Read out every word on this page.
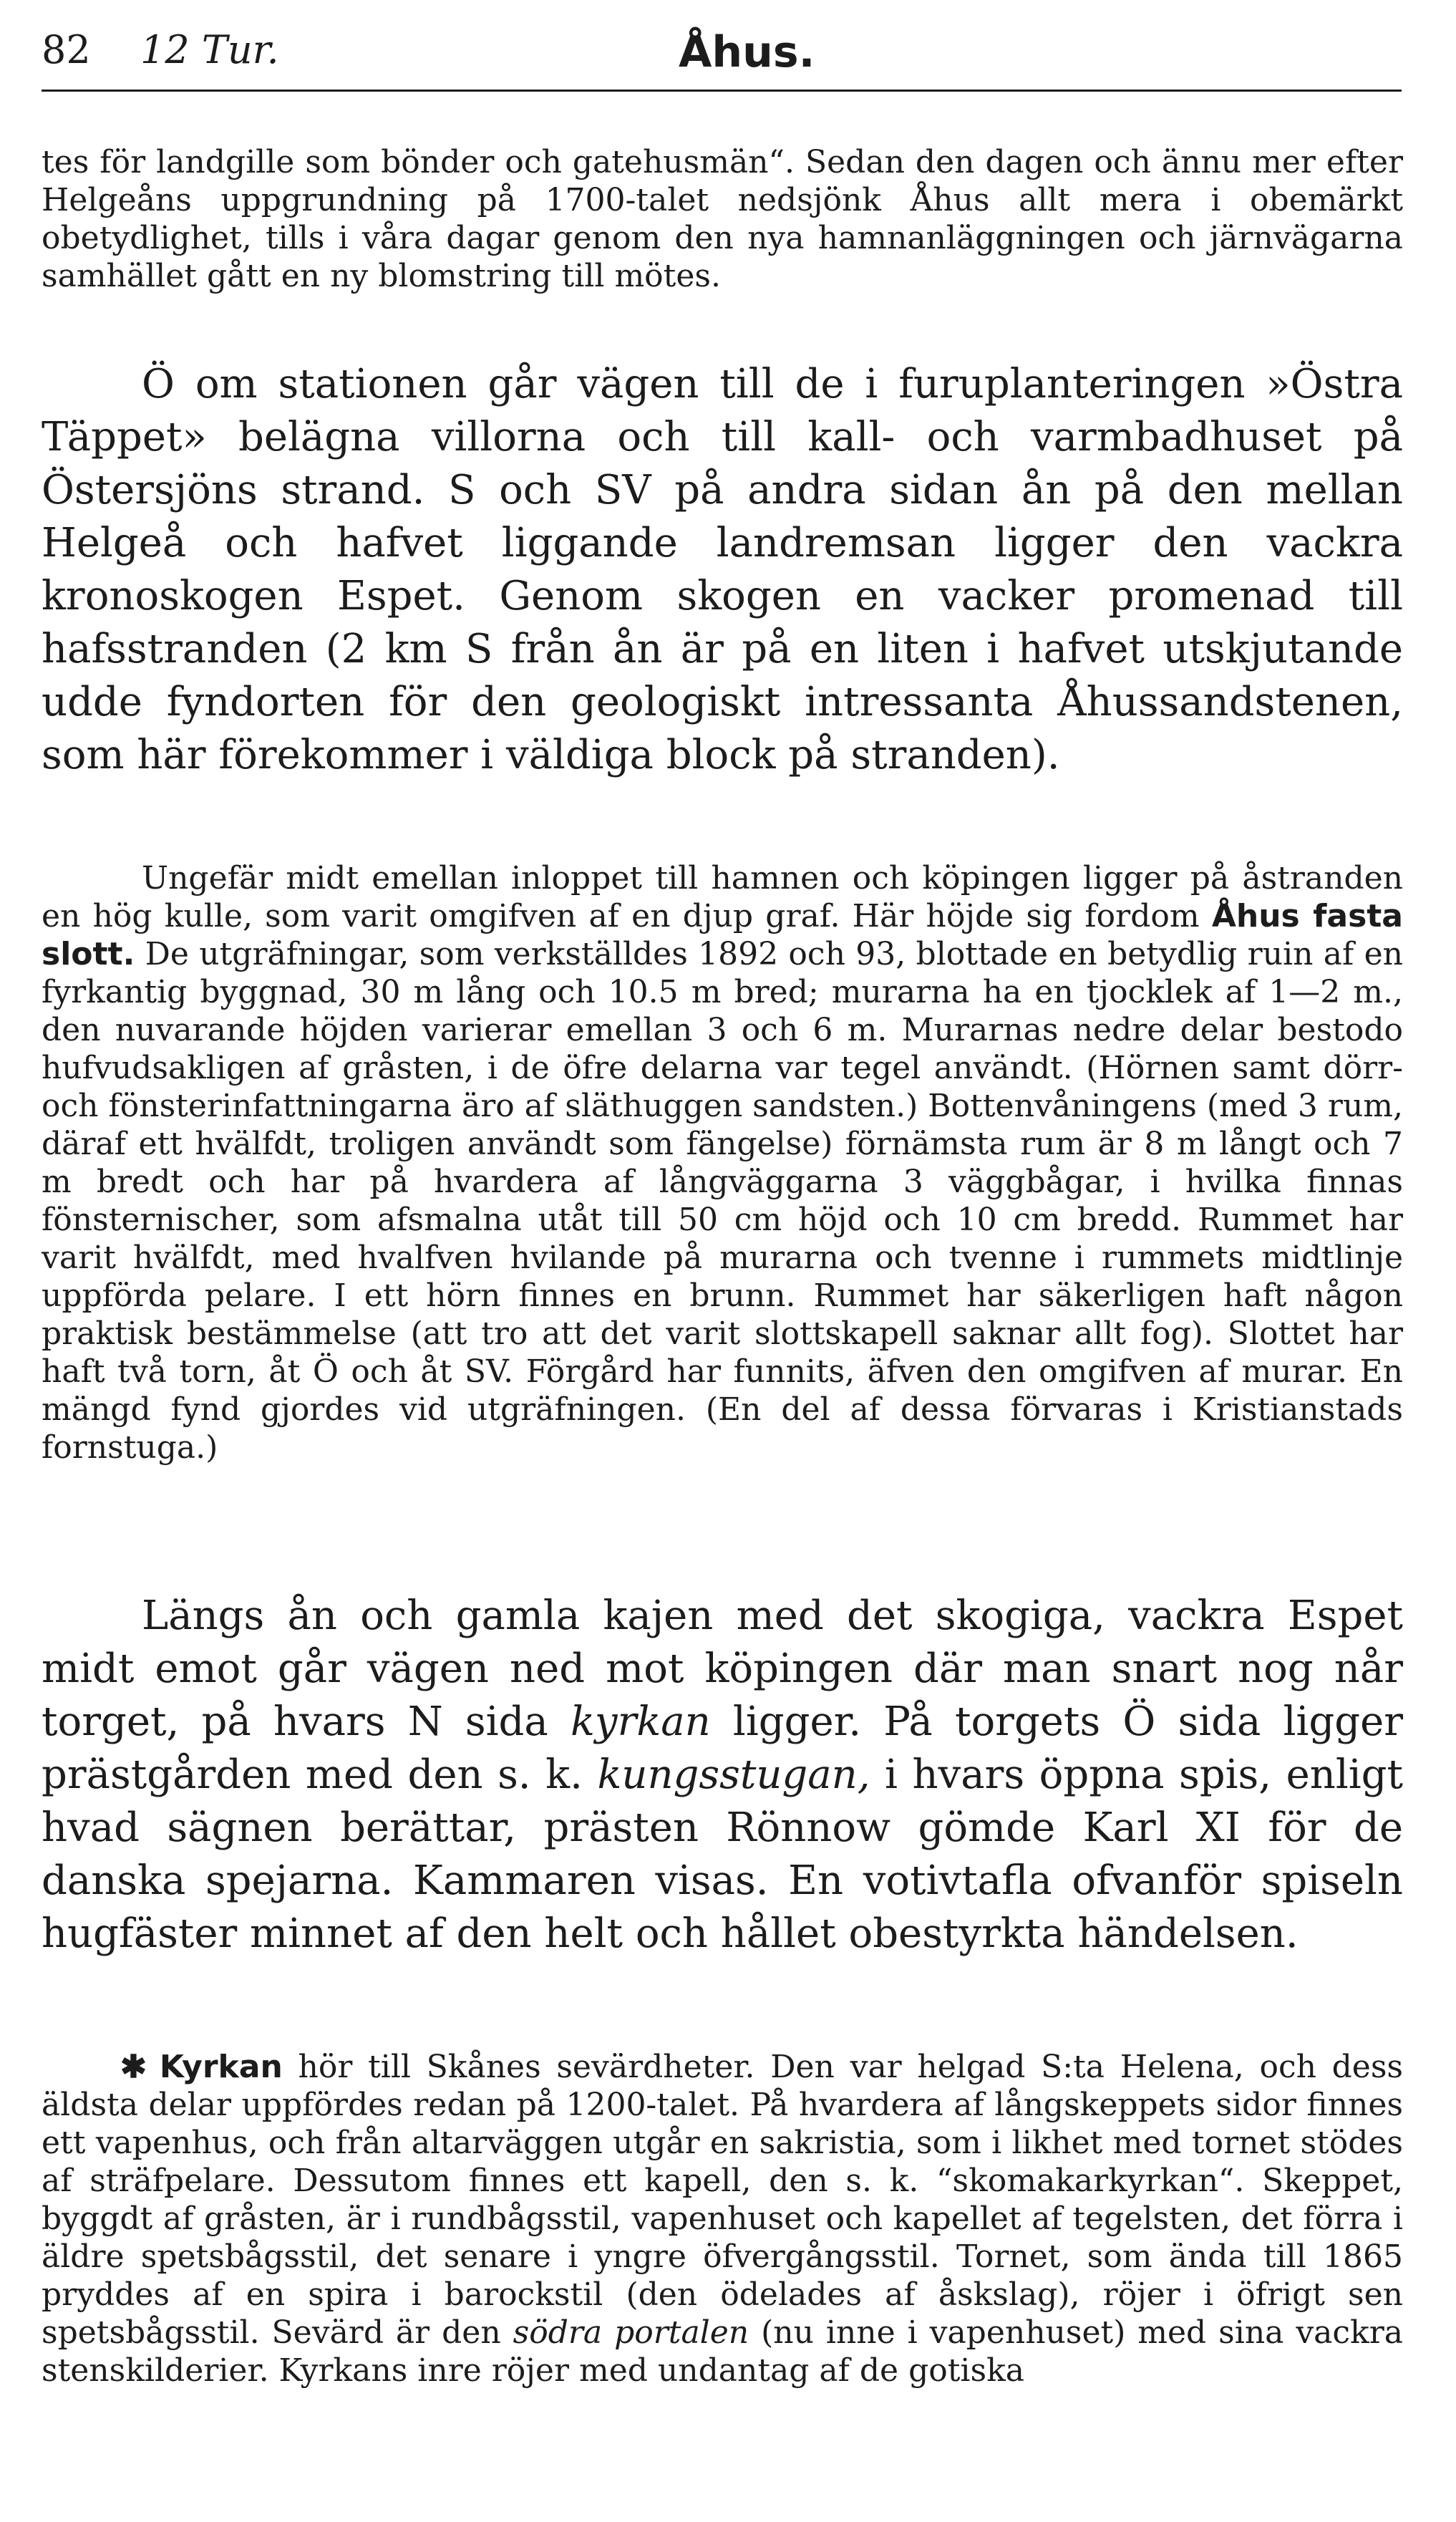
82 12 Tur.	Åhus.

tes för landgille som bönder och gatehusmän“. Sedan den dagen och ännu mer efter Helgeåns uppgrundning på 1700-talet nedsjönk Åhus allt mera i obemärkt obetydlighet, tills i våra dagar genom den nya hamnanläggningen och järnvägarna samhället gått en ny blomstring till mötes.

Ö om stationen går vägen till de i furuplanteringen »Östra Täppet» belägna villorna och till kall- och varmbadhuset på Östersjöns strand. S och SV på andra sidan ån på den mellan Helgeå och hafvet liggande landremsan ligger den vackra kronoskogen Espet. Genom skogen en vacker promenad till hafsstranden (2 km S från ån är på en liten i hafvet utskjutande udde fyndorten för den geologiskt intressanta Åhussandstenen, som här förekommer i väldiga block på stranden).

Ungefär midt emellan inloppet till hamnen och köpingen ligger på åstranden en hög kulle, som varit omgifven af en djup graf. Här höjde sig fordom Åhus fasta slott. De utgräfningar, som verkställdes 1892 och 93, blottade en betydlig ruin af en fyrkantig byggnad, 30 m lång och 10.5 m bred; murarna ha en tjocklek af 1—2 m., den nuvarande höjden varierar emellan 3 och 6 m. Murarnas nedre delar bestodo hufvudsakligen af gråsten, i de öfre delarna var tegel användt. (Hörnen samt dörr- och fönsterinfattningarna äro af släthuggen sandsten.) Bottenvåningens (med 3 rum, däraf ett hvälfdt, troligen användt som fängelse) förnämsta rum är 8 m långt och 7 m bredt och har på hvardera af långväggarna 3 väggbågar, i hvilka finnas fönsternischer, som afsmalna utåt till 50 cm höjd och 10 cm bredd. Rummet har varit hvälfdt, med hvalfven hvilande på murarna och tvenne i rummets midtlinje uppförda pelare. I ett hörn finnes en brunn. Rummet har säkerligen haft någon praktisk bestämmelse (att tro att det varit slottskapell saknar allt fog). Slottet har haft två torn, åt Ö och åt SV. Förgård har funnits, äfven den omgifven af murar. En mängd fynd gjordes vid utgräfningen. (En del af dessa förvaras i Kristianstads fornstuga.)

Längs ån och gamla kajen med det skogiga, vackra Espet midt emot går vägen ned mot köpingen där man snart nog når torget, på hvars N sida kyrkan ligger. På torgets Ö sida ligger prästgården med den s. k. kungsstugan, i hvars öppna spis, enligt hvad sägnen berättar, prästen Rönnow gömde Karl XI för de danska spejarna. Kammaren visas. En votivtafla ofvanför spiseln hugfäster minnet af den helt och hållet obestyrkta händelsen.

✱ Kyrkan hör till Skånes sevärdheter. Den var helgad S:ta Helena, och dess äldsta delar uppfördes redan på 1200-talet. På hvardera af långskeppets sidor finnes ett vapenhus, och från altarväggen utgår en sakristia, som i likhet med tornet stödes af sträfpelare. Dessutom finnes ett kapell, den s. k. “skomakarkyrkan“. Skeppet, byggdt af gråsten, är i rundbågsstil, vapenhuset och kapellet af tegelsten, det förra i äldre spetsbågsstil, det senare i yngre öfvergångsstil. Tornet, som ända till 1865 pryddes af en spira i barockstil (den ödelades af åskslag), röjer i öfrigt sen spetsbågsstil. Sevärd är den södra portalen (nu inne i vapenhuset) med sina vackra stenskilderier. Kyrkans inre röjer med undantag af de gotiska
